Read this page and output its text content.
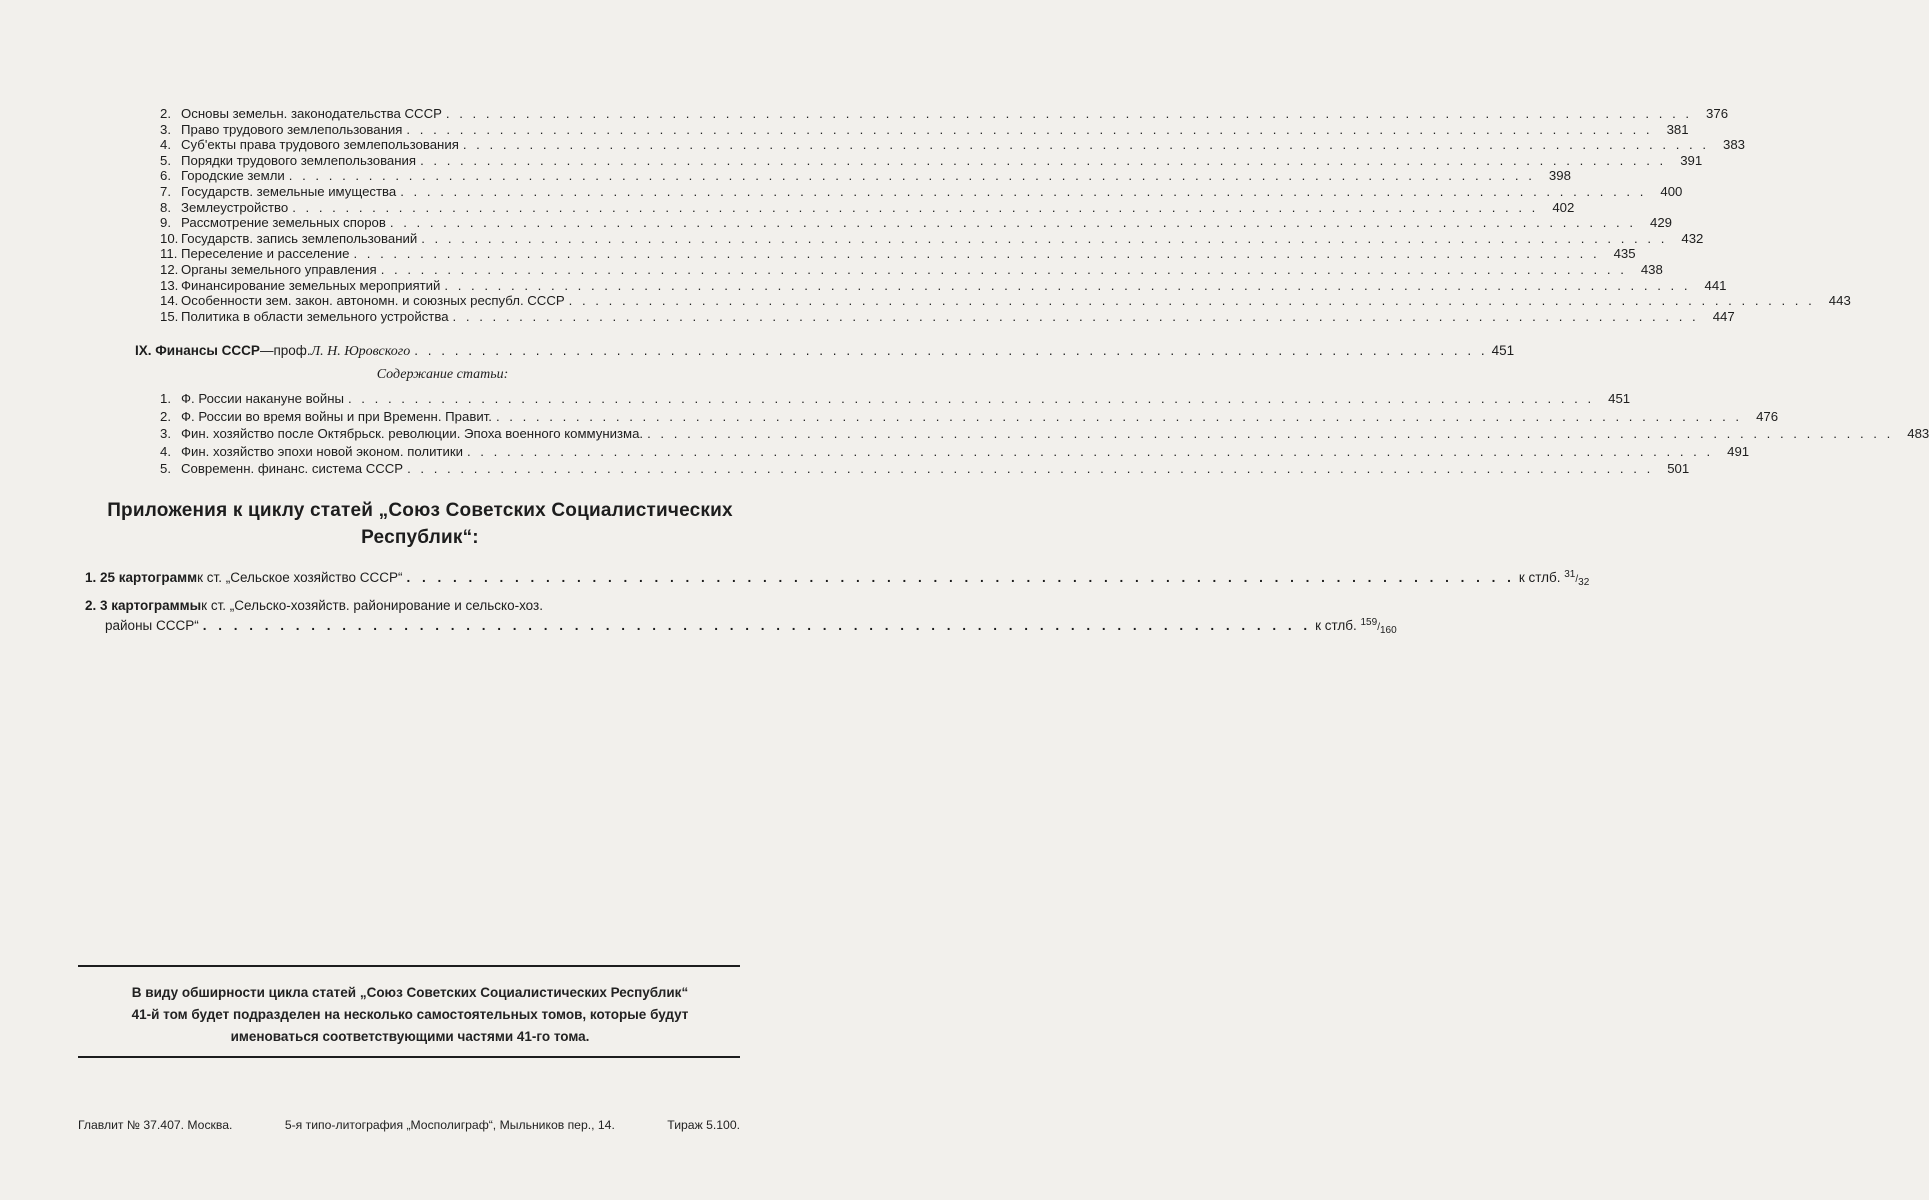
2. Основы земельн. законодательства СССР . . .	376
3. Право трудового землепользования . . .	381
4. Суб'екты права трудового землепользования . . .	383
5. Порядки трудового землепользования . . .	391
6. Городские земли . . .	398
7. Государств. земельные имущества . . .	400
8. Землеустройство . . .	402
9. Рассмотрение земельных споров . . .	429
10. Государств. запись землепользований . . .	432
11. Переселение и расселение . . .	435
12. Органы земельного управления . . .	438
13. Финансирование земельных мероприятий . . .	441
14. Особенности зем. закон. автономн. и союзных республ. СССР . . .	443
15. Политика в области земельного устройства . . .	447
IX. Финансы СССР —проф. Л. Н. Юровского . . .	451
Содержание статьи:
1. Ф. России накануне войны . . .	451
2. Ф. России во время войны и при Временн. Правит. . . .	476
3. Фин. хозяйство после Октябрьск. революции. Эпоха военного коммунизма. . . .	483
4. Фин. хозяйство эпохи новой эконом. политики . . .	491
5. Современн. финанс. система СССР . . .	501
Приложения к циклу статей „Союз Советских Социалистических
Республик“:
1. 25 картограмм к ст. „Сельское хозяйство СССР“ . . .	к стлб. 31/32
2. 3 картограммы к ст. „Сельско-хозяйств. районирование и сельско-хоз.
районы СССР“ . . .	к стлб. 159/160
В виду обширности цикла статей „Союз Советских Социалистических Республик“
41-й том будет подразделен на несколько самостоятельных томов, которые будут
именоваться соответствующими частями 41-го тома.
Главлит № 37.407. Москва.	5-я типо-литография „Мосполиграф“, Мыльников пер., 14.	Тираж 5.100.
